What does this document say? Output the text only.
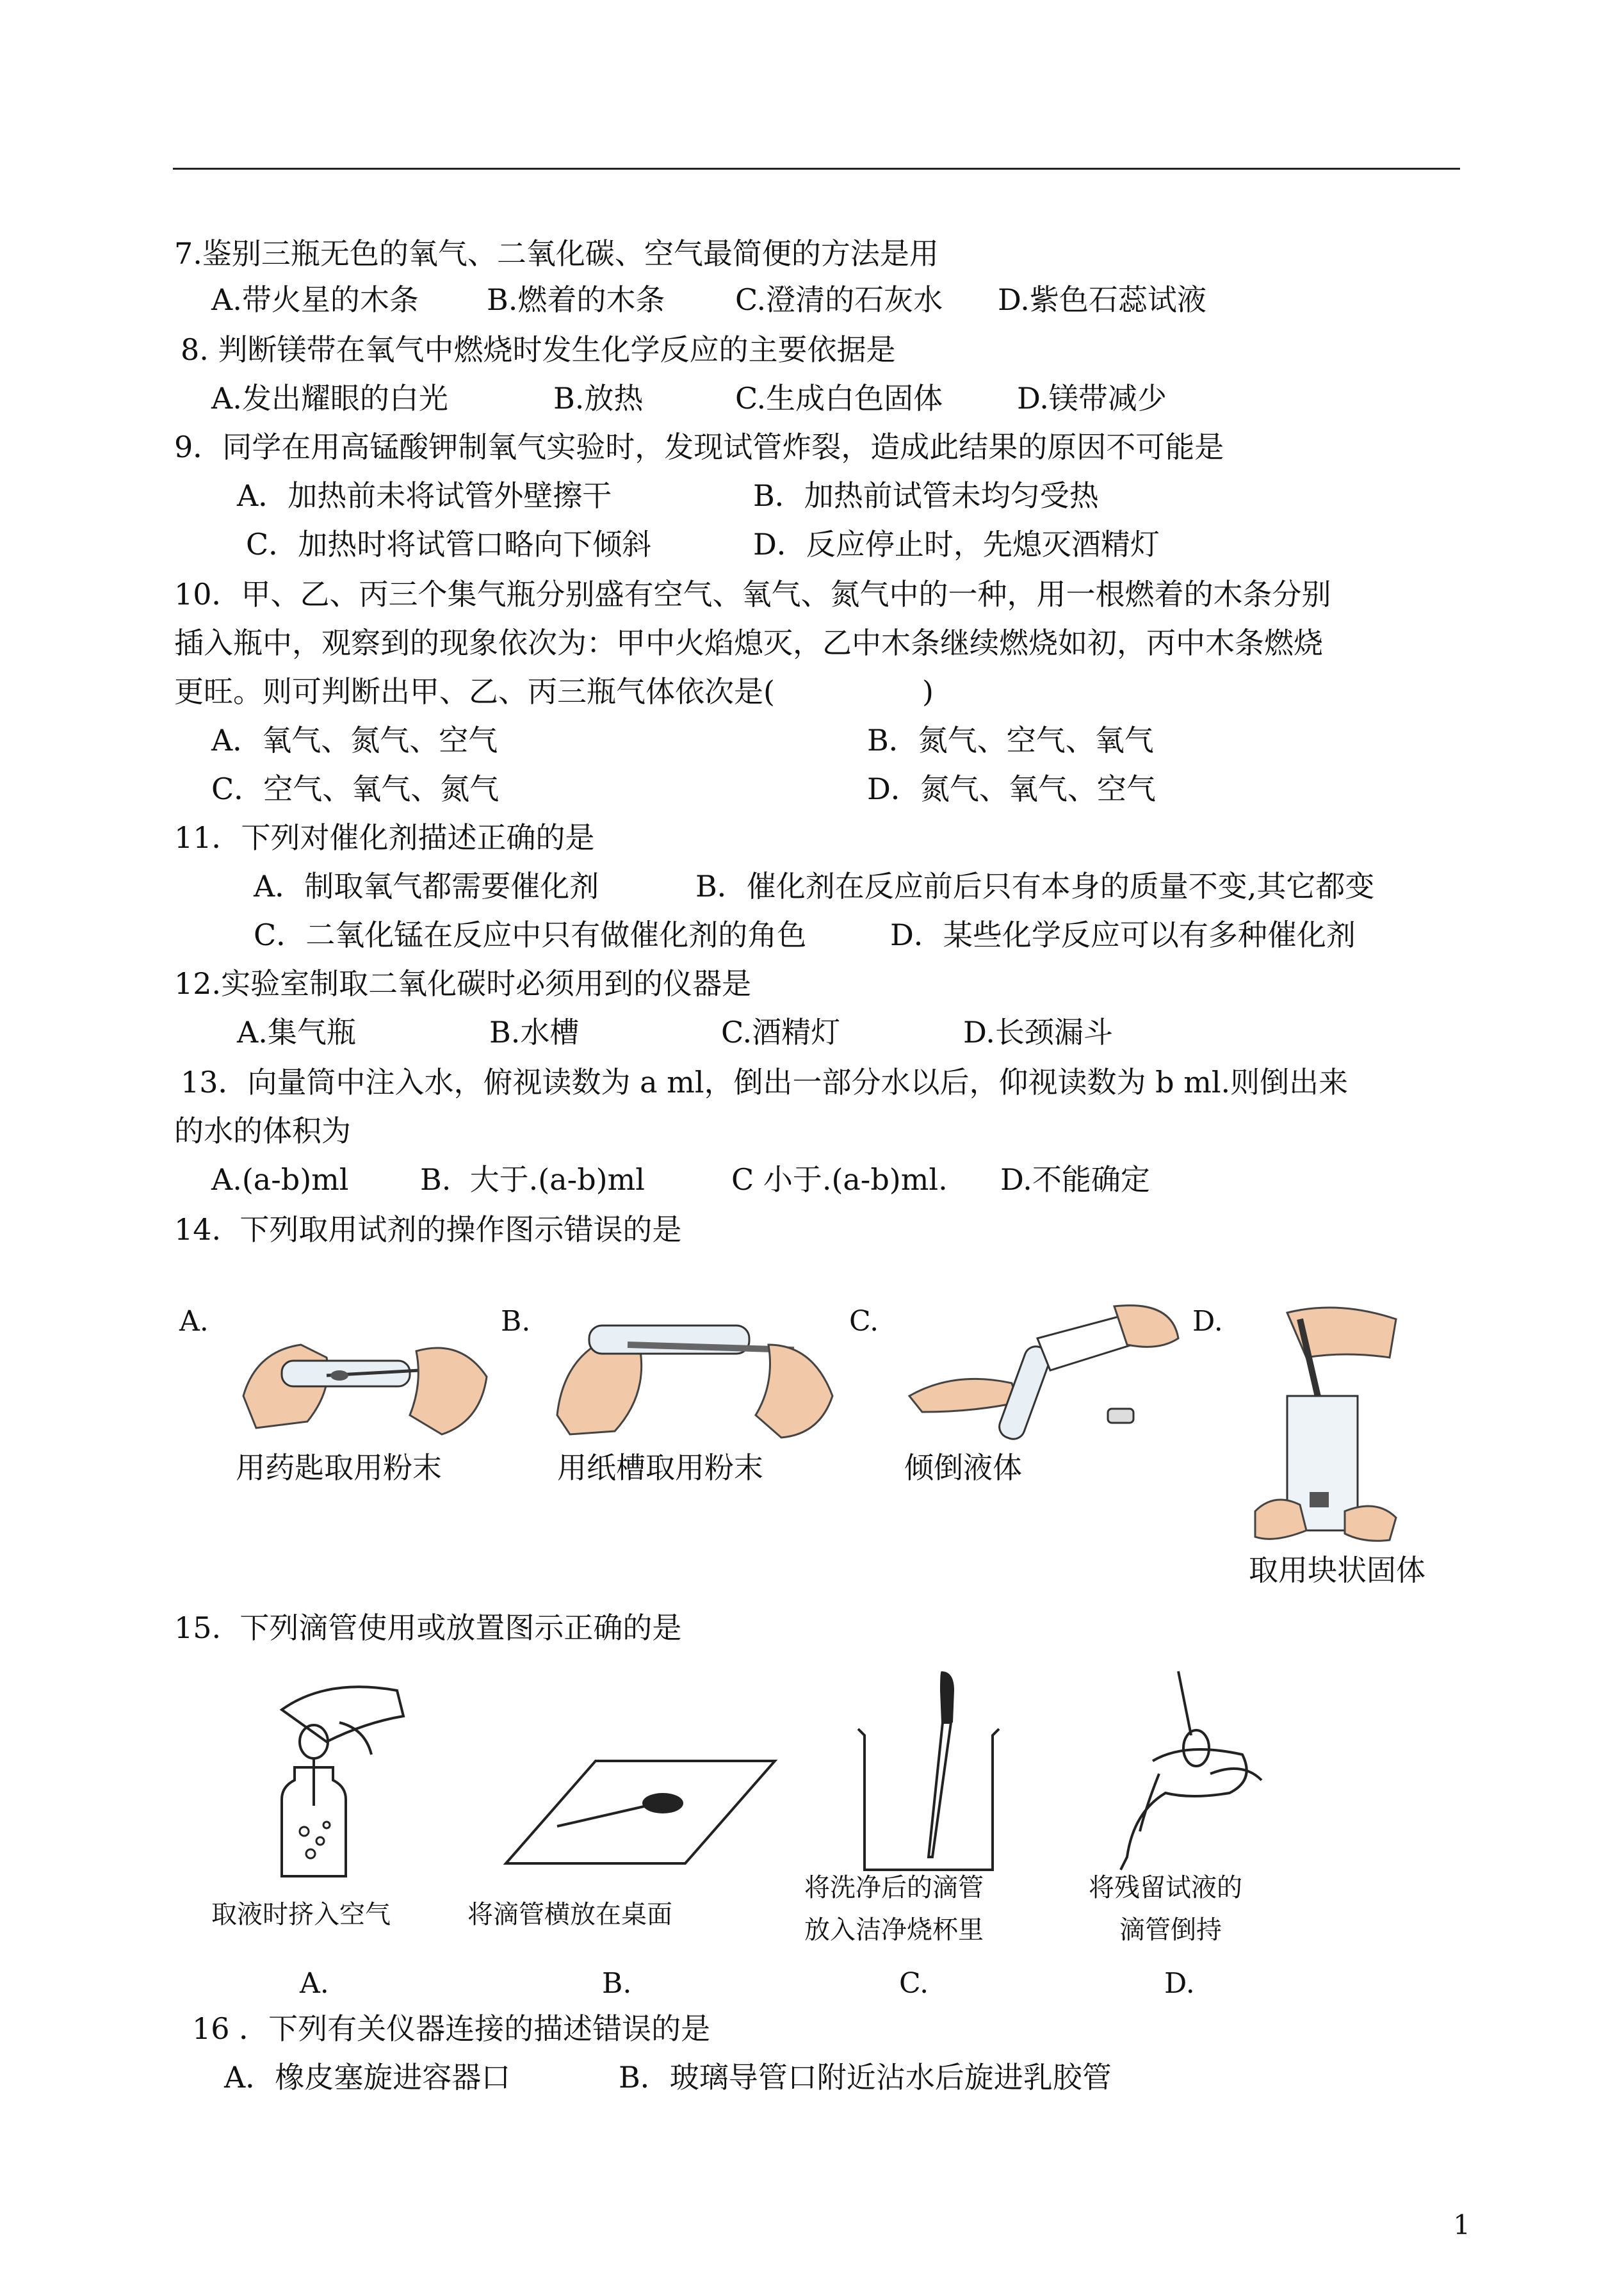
7.鉴别三瓶无色的氧气、二氧化碳、空气最简便的方法是用
A.带火星的木条 B.燃着的木条 C.澄清的石灰水 D.紫色石蕊试液
8. 判断镁带在氧气中燃烧时发生化学反应的主要依据是
A.发出耀眼的白光	B.放热	C.生成白色固体	D.镁带减少
9．同学在用高锰酸钾制氧气实验时，发现试管炸裂，造成此结果的原因不可能是
A．加热前未将试管外壁擦干	B．加热前试管未均匀受热
C．加热时将试管口略向下倾斜	D．反应停止时，先熄灭酒精灯
10．甲、乙、丙三个集气瓶分别盛有空气、氧气、氮气中的一种，用一根燃着的木条分别
插入瓶中，观察到的现象依次为：甲中火焰熄灭，乙中木条继续燃烧如初，丙中木条燃烧
更旺。则可判断出甲、乙、丙三瓶气体依次是(　　　　　)
A．氧气、氮气、空气	B．氮气、空气、氧气
C．空气、氧气、氮气	D．氮气、氧气、空气
11．下列对催化剂描述正确的是
A．制取氧气都需要催化剂	B．催化剂在反应前后只有本身的质量不变,其它都变
C．二氧化锰在反应中只有做催化剂的角色	D．某些化学反应可以有多种催化剂
12.实验室制取二氧化碳时必须用到的仪器是
A.集气瓶	B.水槽	C.酒精灯	D.长颈漏斗
13．向量筒中注入水，俯视读数为 a ml，倒出一部分水以后，仰视读数为 b ml.则倒出来
的水的体积为
A.(a-b)ml B.  大于.(a-b)ml	C 小于.(a-b)ml. D.不能确定
14.  下列取用试剂的操作图示错误的是
A.	B.	C.	D.
用药匙取用粉末	用纸槽取用粉末	倾倒液体
取用块状固体
15.  下列滴管使用或放置图示正确的是
取液时挤入空气	将滴管横放在桌面
将洗净后的滴管
放入洁净烧杯里
将残留试液的
滴管倒持
A.	B.	C.	D.
16 ．下列有关仪器连接的描述错误的是
A．橡皮塞旋进容器口	B．玻璃导管口附近沾水后旋进乳胶管
1
